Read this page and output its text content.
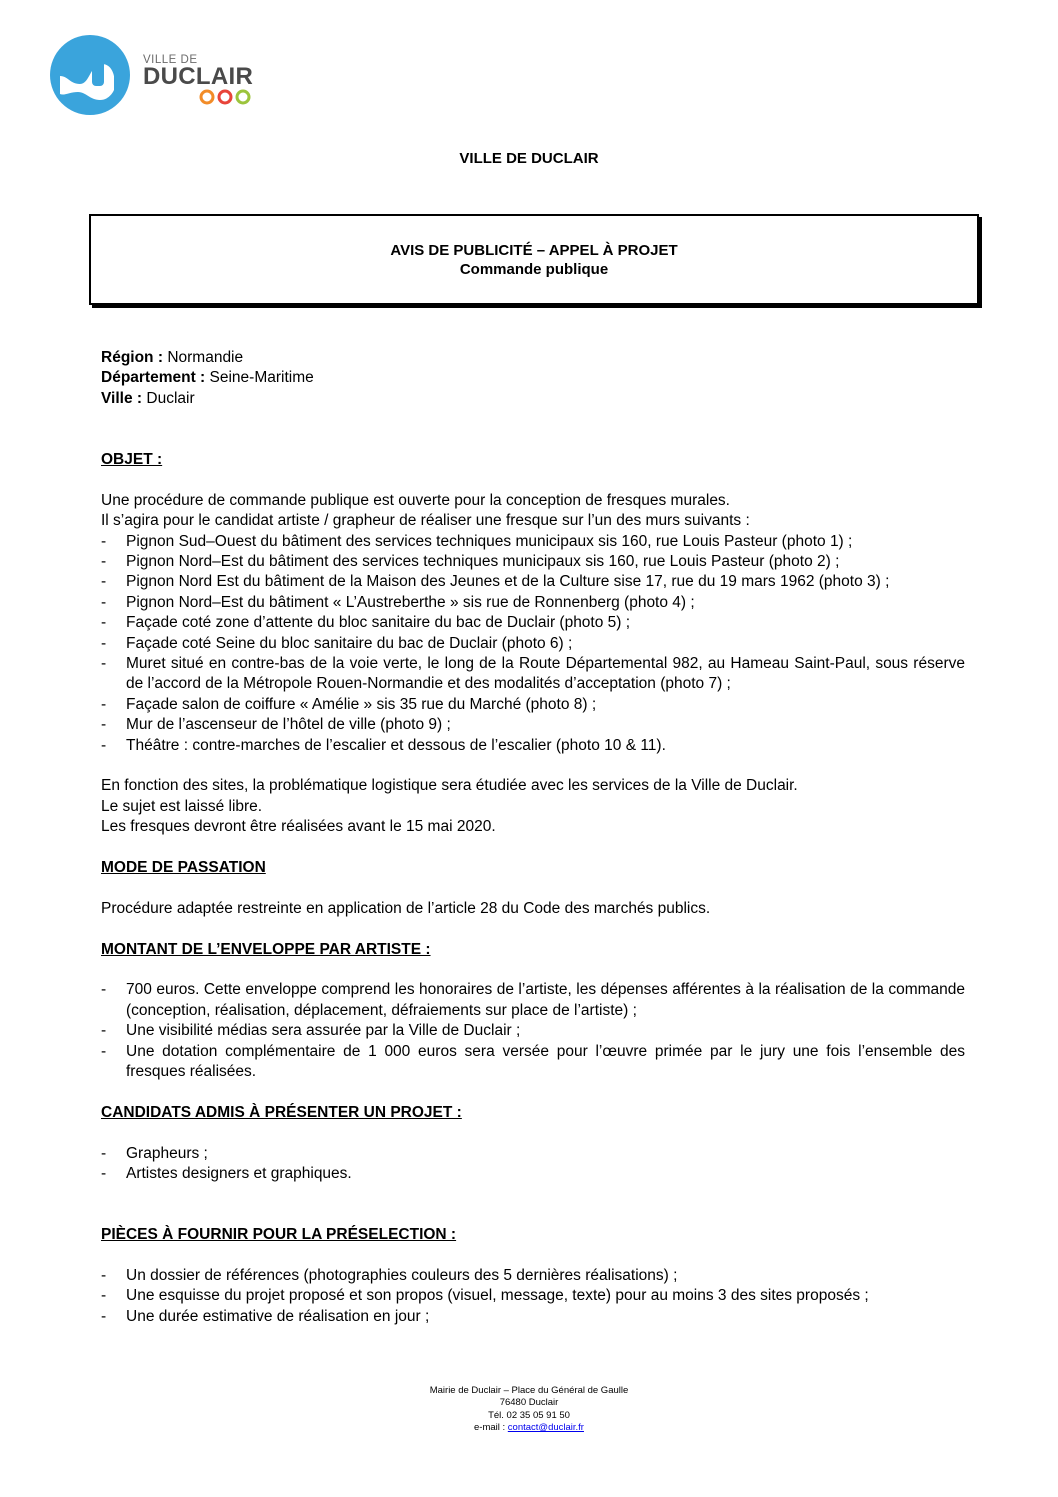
VILLE DE
DUCLAIR
VILLE DE DUCLAIR
AVIS DE PUBLICITÉ – APPEL À PROJET
Commande publique

Région : Normandie

Département : Seine-Maritime

Ville : Duclair

OBJET :

Une procédure de commande publique est ouverte pour la conception de fresques murales.

Il s’agira pour le candidat artiste / grapheur de réaliser une fresque sur l’un des murs suivants :

- Pignon Sud–Ouest du bâtiment des services techniques municipaux sis 160, rue Louis Pasteur (photo 1) ;
- Pignon Nord–Est du bâtiment des services techniques municipaux sis 160, rue Louis Pasteur (photo 2) ;
- Pignon Nord Est du bâtiment de la Maison des Jeunes et de la Culture sise 17, rue du 19 mars 1962 (photo 3) ;
- Pignon Nord–Est du bâtiment « L’Austreberthe » sis rue de Ronnenberg (photo 4) ;
- Façade coté zone d’attente du bloc sanitaire du bac de Duclair (photo 5) ;
- Façade coté Seine du bloc sanitaire du bac de Duclair (photo 6) ;
- Muret situé en contre-bas de la voie verte, le long de la Route Départemental 982, au Hameau Saint-Paul, sous réserve de l’accord de la Métropole Rouen-Normandie et des modalités d’acceptation (photo 7) ;
- Façade salon de coiffure « Amélie » sis 35 rue du Marché (photo 8) ;
- Mur de l’ascenseur de l’hôtel de ville (photo 9) ;
- Théâtre : contre-marches de l’escalier et dessous de l’escalier (photo 10 & 11).

En fonction des sites, la problématique logistique sera étudiée avec les services de la Ville de Duclair.

Le sujet est laissé libre.

Les fresques devront être réalisées avant le 15 mai 2020.

MODE DE PASSATION

Procédure adaptée restreinte en application de l’article 28 du Code des marchés publics.

MONTANT DE L’ENVELOPPE PAR ARTISTE :

- 700 euros. Cette enveloppe comprend les honoraires de l’artiste, les dépenses afférentes à la réalisation de la commande (conception, réalisation, déplacement, défraiements sur place de l’artiste) ;
- Une visibilité médias sera assurée par la Ville de Duclair ;
- Une dotation complémentaire de 1 000 euros sera versée pour l’œuvre primée par le jury une fois l’ensemble des fresques réalisées.

CANDIDATS ADMIS À PRÉSENTER UN PROJET :

- Grapheurs ;
- Artistes designers et graphiques.

PIÈCES À FOURNIR POUR LA PRÉSELECTION :

- Un dossier de références (photographies couleurs des 5 dernières réalisations) ;
- Une esquisse du projet proposé et son propos (visuel, message, texte) pour au moins 3 des sites proposés ;
- Une durée estimative de réalisation en jour ;
Mairie de Duclair – Place du Général de Gaulle
76480 Duclair
Tél. 02 35 05 91 50
e-mail : contact@duclair.fr
